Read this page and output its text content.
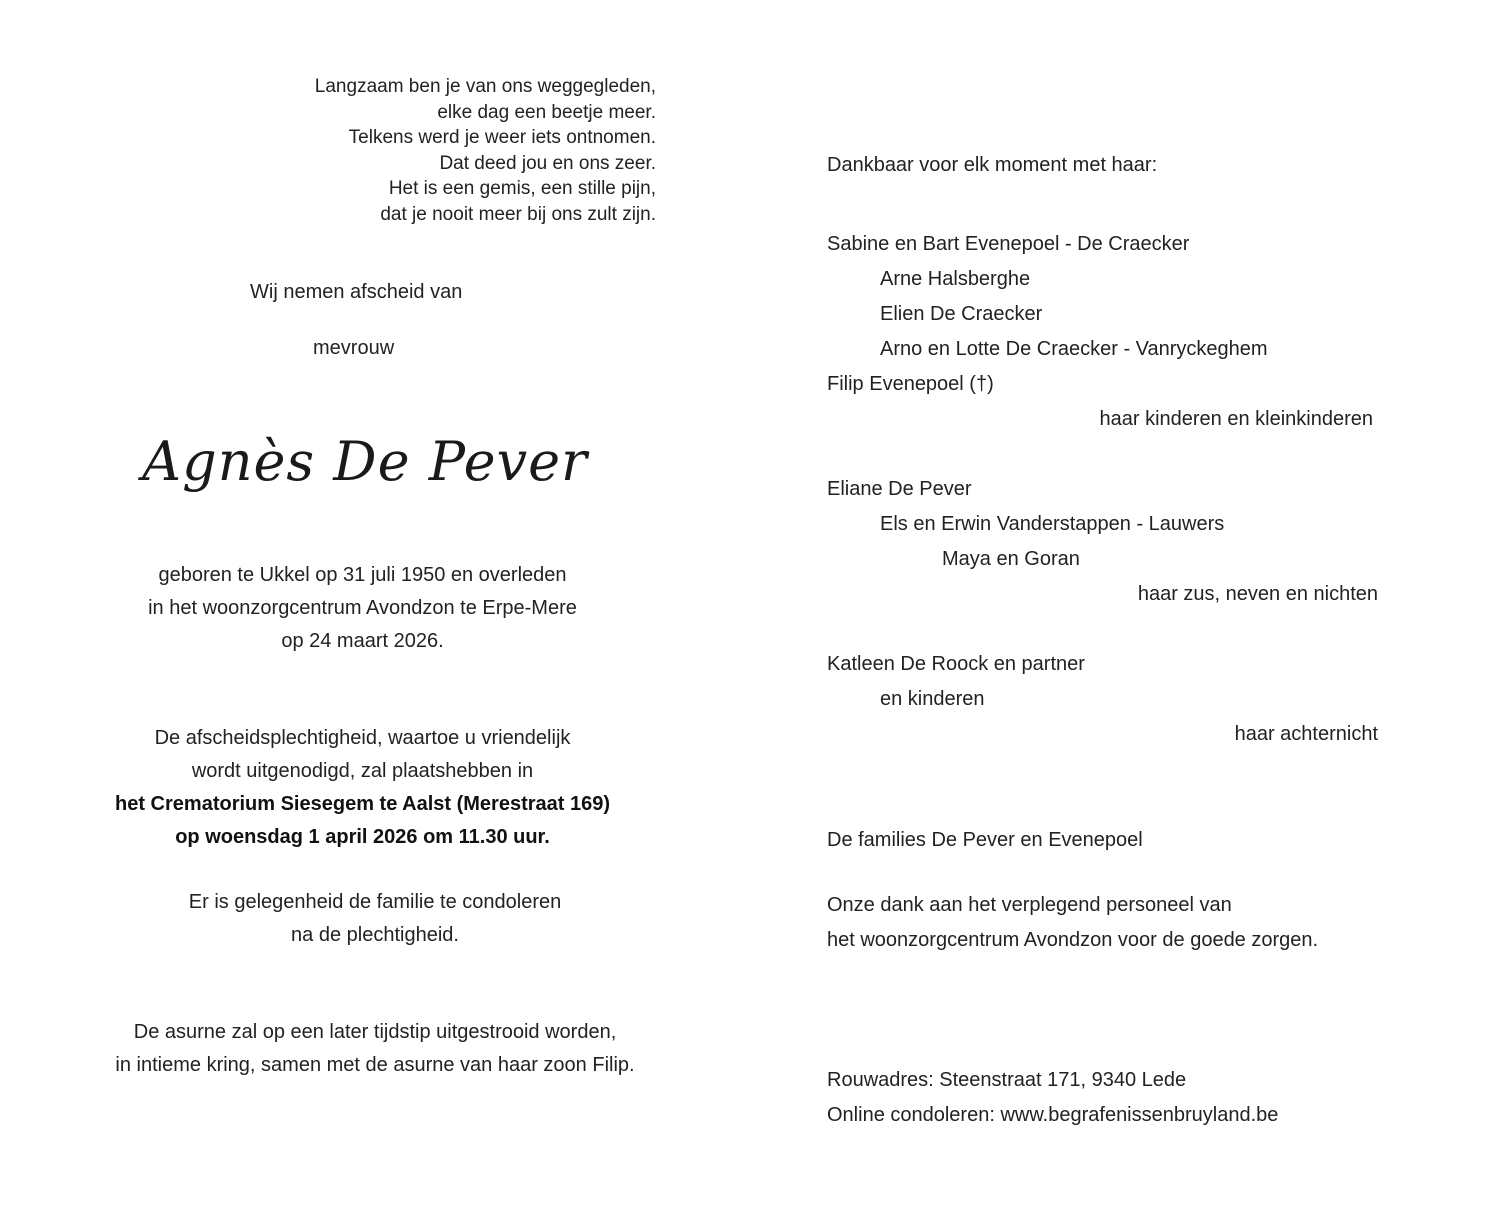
Langzaam ben je van ons weggegleden,
elke dag een beetje meer.
Telkens werd je weer iets ontnomen.
Dat deed jou en ons zeer.
Het is een gemis, een stille pijn,
dat je nooit meer bij ons zult zijn.
Wij nemen afscheid van
mevrouw
Agnès De Pever
geboren te Ukkel op 31 juli 1950 en overleden
in het woonzorgcentrum Avondzon te Erpe-Mere
op 24 maart 2026.
De afscheidsplechtigheid, waartoe u vriendelijk
wordt uitgenodigd, zal plaatshebben in
het Crematorium Siesegem te Aalst (Merestraat 169)
op woensdag 1 april 2026 om 11.30 uur.
Er is gelegenheid de familie te condoleren
na de plechtigheid.
De asurne zal op een later tijdstip uitgestrooid worden,
in intieme kring, samen met de asurne van haar zoon Filip.
Dankbaar voor elk moment met haar:
Sabine en Bart Evenepoel - De Craecker
Arne Halsberghe
Elien De Craecker
Arno en Lotte De Craecker - Vanryckeghem
Filip Evenepoel (†)
haar kinderen en kleinkinderen
Eliane De Pever
Els en Erwin Vanderstappen - Lauwers
Maya en Goran
haar zus, neven en nichten
Katleen De Roock en partner
en kinderen
haar achternicht
De families De Pever en Evenepoel
Onze dank aan het verplegend personeel van
het woonzorgcentrum Avondzon voor de goede zorgen.
Rouwadres: Steenstraat 171, 9340 Lede
Online condoleren: www.begrafenissenbruyland.be
